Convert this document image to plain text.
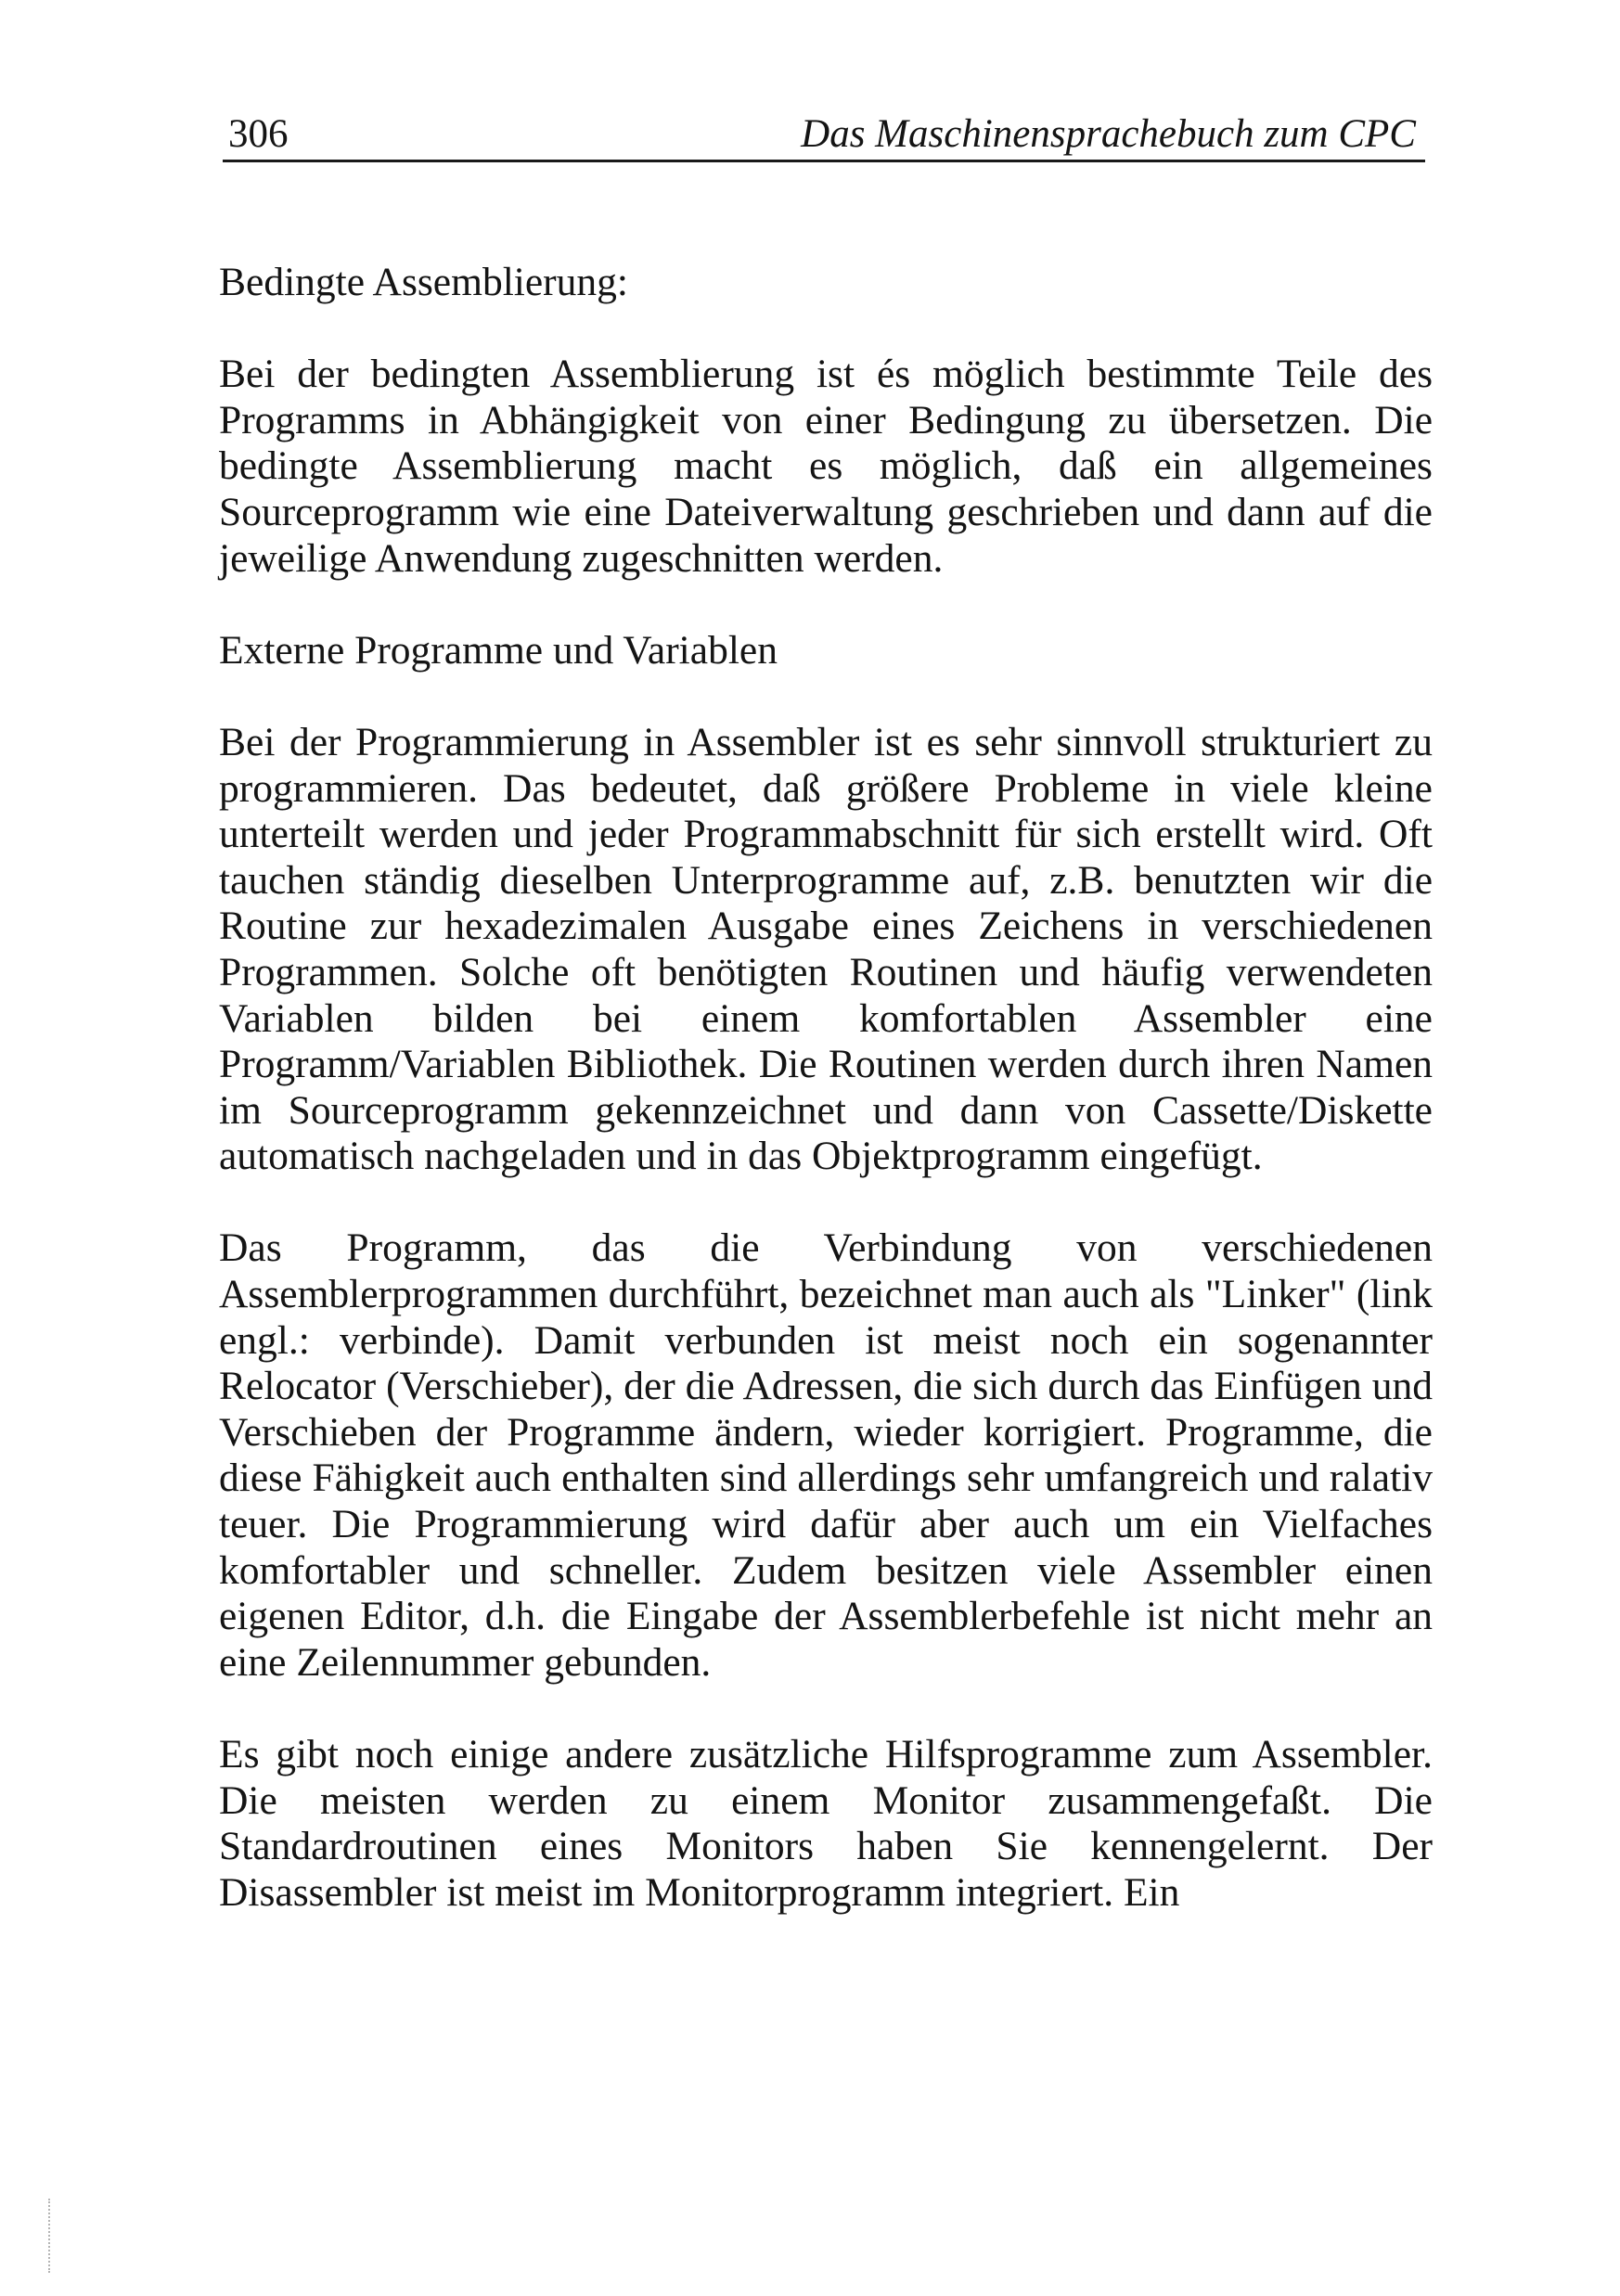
306	Das Maschinensprachebuch zum CPC

Bedingte Assemblierung:

Bei der bedingten Assemblierung ist és möglich bestimmte Teile des Programms in Abhängigkeit von einer Bedingung zu übersetzen. Die bedingte Assemblierung macht es möglich, daß ein allgemeines Sourceprogramm wie eine Dateiverwaltung geschrieben und dann auf die jeweilige Anwendung zugeschnitten werden.

Externe Programme und Variablen

Bei der Programmierung in Assembler ist es sehr sinnvoll strukturiert zu programmieren. Das bedeutet, daß größere Probleme in viele kleine unterteilt werden und jeder Programmabschnitt für sich erstellt wird. Oft tauchen ständig dieselben Unterprogramme auf, z.B. benutzten wir die Routine zur hexadezimalen Ausgabe eines Zeichens in verschiedenen Programmen. Solche oft benötigten Routinen und häufig verwendeten Variablen bilden bei einem komfortablen Assembler eine Programm/Variablen Bibliothek. Die Routinen werden durch ihren Namen im Sourceprogramm gekennzeichnet und dann von Cassette/Diskette automatisch nachgeladen und in das Objektprogramm eingefügt.

Das Programm, das die Verbindung von verschiedenen Assemblerprogrammen durchführt, bezeichnet man auch als "Linker" (link engl.: verbinde). Damit verbunden ist meist noch ein sogenannter Relocator (Verschieber), der die Adressen, die sich durch das Einfügen und Verschieben der Programme ändern, wieder korrigiert. Programme, die diese Fähigkeit auch enthalten sind allerdings sehr umfangreich und ralativ teuer. Die Programmierung wird dafür aber auch um ein Vielfaches komfortabler und schneller. Zudem besitzen viele Assembler einen eigenen Editor, d.h. die Eingabe der Assemblerbefehle ist nicht mehr an eine Zeilennummer gebunden.

Es gibt noch einige andere zusätzliche Hilfsprogramme zum Assembler. Die meisten werden zu einem Monitor zusammengefaßt. Die Standardroutinen eines Monitors haben Sie kennengelernt. Der Disassembler ist meist im Monitorprogramm integriert. Ein
